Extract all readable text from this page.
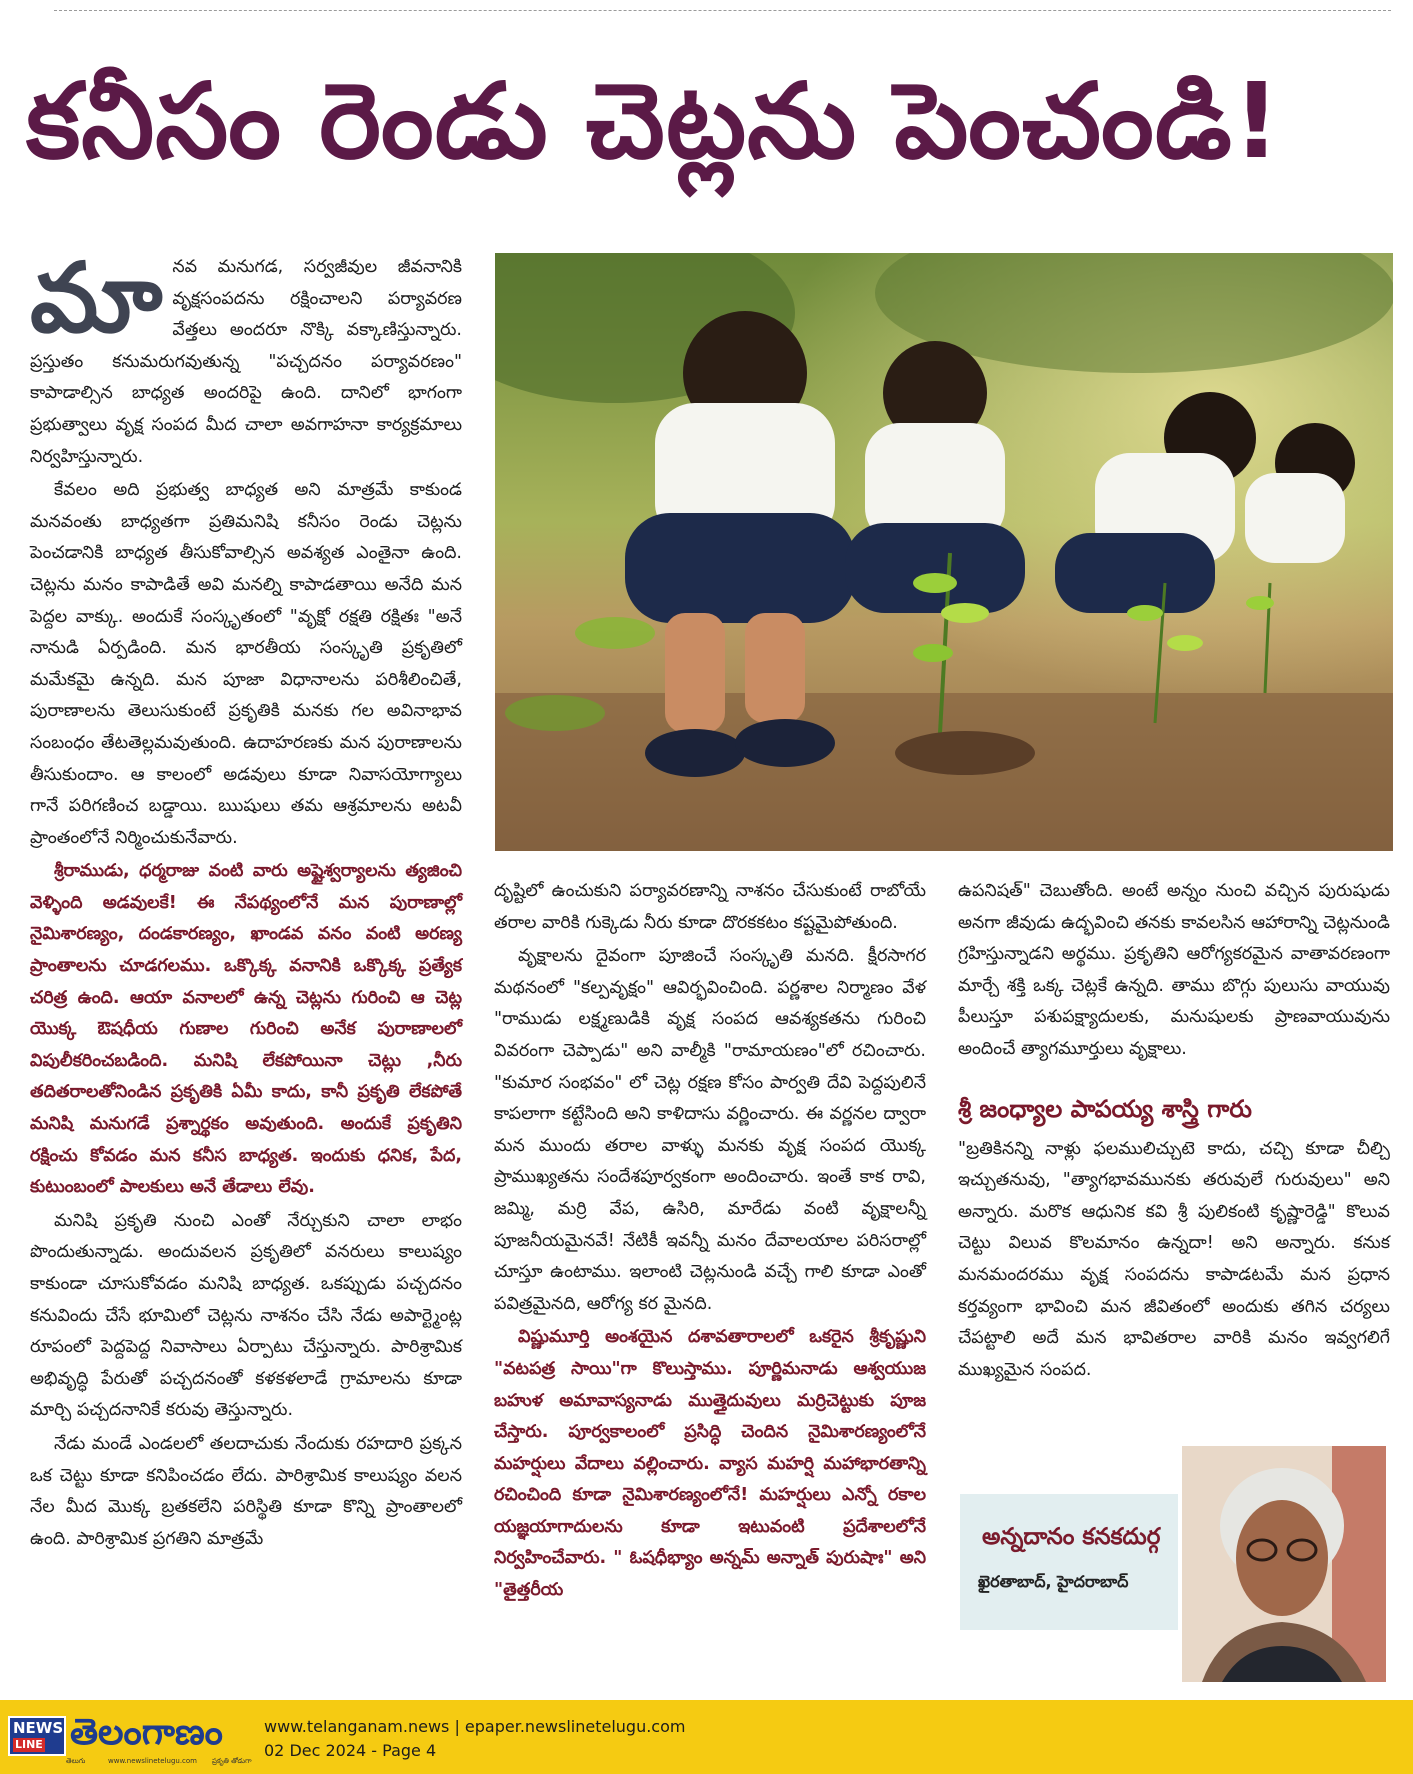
కనీసం రెండు చెట్లను పెంచండి!

మానవ మనుగడ, సర్వజీవుల జీవనానికి వృక్షసంపదను రక్షించాలని పర్యావరణ వేత్తలు అందరూ నొక్కి వక్కాణిస్తున్నారు. ప్రస్తుతం కనుమరుగవుతున్న "పచ్చదనం పర్యావరణం" కాపాడాల్సిన బాధ్యత అందరిపై ఉంది. దానిలో భాగంగా ప్రభుత్వాలు వృక్ష సంపద మీద చాలా అవగాహనా కార్యక్రమాలు నిర్వహిస్తున్నారు.

కేవలం అది ప్రభుత్వ బాధ్యత అని మాత్రమే కాకుండ మనవంతు బాధ్యతగా ప్రతిమనిషి కనీసం రెండు చెట్లను పెంచడానికి బాధ్యత తీసుకోవాల్సిన అవశ్యత ఎంతైనా ఉంది. చెట్లను మనం కాపాడితే అవి మనల్ని కాపాడతాయి అనేది మన పెద్దల వాక్కు. అందుకే సంస్కృతంలో "వృక్షో రక్షతి రక్షితః "అనే నానుడి ఏర్పడింది. మన భారతీయ సంస్కృతి ప్రకృతిలో మమేకమై ఉన్నది. మన పూజా విధానాలను పరిశీలించితే, పురాణాలను తెలుసుకుంటే ప్రకృతికి మనకు గల అవినాభావ సంబంధం తేటతెల్లమవుతుంది. ఉదాహరణకు మన పురాణాలను తీసుకుందాం. ఆ కాలంలో అడవులు కూడా నివాసయోగ్యాలు గానే పరిగణించ బడ్డాయి. ఋషులు తమ ఆశ్రమాలను అటవీ ప్రాంతంలోనే నిర్మించుకునేవారు.

శ్రీరాముడు, ధర్మరాజు వంటి వారు అష్టైశ్వర్యాలను త్యజించి వెళ్ళింది అడవులకే! ఈ నేపథ్యంలోనే మన పురాణాల్లో నైమిశారణ్యం, దండకారణ్యం, ఖాండవ వనం వంటి అరణ్య ప్రాంతాలను చూడగలము. ఒక్కొక్క వనానికి ఒక్కొక్క ప్రత్యేక చరిత్ర ఉంది. ఆయా వనాలలో ఉన్న చెట్లను గురించి ఆ చెట్ల యొక్క ఔషధీయ గుణాల గురించి అనేక పురాణాలలో విపులీకరించబడింది. మనిషి లేకపోయినా చెట్లు ,నీరు తదితరాలతోనిండిన ప్రకృతికి ఏమీ కాదు, కానీ ప్రకృతి లేకపోతే మనిషి మనుగడే ప్రశ్నార్థకం అవుతుంది. అందుకే ప్రకృతిని రక్షించు కోవడం మన కనీస బాధ్యత. ఇందుకు ధనిక, పేద, కుటుంబంలో పాలకులు అనే తేడాలు లేవు.

మనిషి ప్రకృతి నుంచి ఎంతో నేర్చుకుని చాలా లాభం పొందుతున్నాడు. అందువలన ప్రకృతిలో వనరులు కాలుష్యం కాకుండా చూసుకోవడం మనిషి బాధ్యత. ఒకప్పుడు పచ్చదనం కనువిందు చేసే భూమిలో చెట్లను నాశనం చేసి నేడు అపార్ట్మెంట్ల రూపంలో పెద్దపెద్ద నివాసాలు ఏర్పాటు చేస్తున్నారు. పారిశ్రామిక అభివృద్ధి పేరుతో పచ్చదనంతో కళకళలాడే గ్రామాలను కూడా మార్చి పచ్చదనానికే కరువు తెస్తున్నారు.

నేడు మండే ఎండలలో తలదాచుకు నేందుకు రహదారి ప్రక్కన ఒక చెట్టు కూడా కనిపించడం లేదు. పారిశ్రామిక కాలుష్యం వలన నేల మీద మొక్క బ్రతకలేని పరిస్థితి కూడా కొన్ని ప్రాంతాలలో ఉంది. పారిశ్రామిక ప్రగతిని మాత్రమే

దృష్టిలో ఉంచుకుని పర్యావరణాన్ని నాశనం చేసుకుంటే రాబోయే తరాల వారికి గుక్కెడు నీరు కూడా దొరకకటం కష్టమైపోతుంది.

వృక్షాలను దైవంగా పూజించే సంస్కృతి మనది. క్షీరసాగర మథనంలో "కల్పవృక్షం" ఆవిర్భవించింది. పర్ణశాల నిర్మాణం వేళ "రాముడు లక్ష్మణుడికి వృక్ష సంపద ఆవశ్యకతను గురించి వివరంగా చెప్పాడు" అని వాల్మీకి "రామాయణం"లో రచించారు. "కుమార సంభవం" లో చెట్ల రక్షణ కోసం పార్వతి దేవి పెద్దపులినే కాపలాగా కట్టేసింది అని కాళిదాసు వర్ణించారు. ఈ వర్ణనల ద్వారా మన ముందు తరాల వాళ్ళు మనకు వృక్ష సంపద యొక్క ప్రాముఖ్యతను సందేశపూర్వకంగా అందించారు. ఇంతే కాక రావి, జమ్మి, మర్రి వేప, ఉసిరి, మారేడు వంటి వృక్షాలన్నీ పూజనీయమైనవే! నేటికీ ఇవన్నీ మనం దేవాలయాల పరిసరాల్లో చూస్తూ ఉంటాము. ఇలాంటి చెట్లనుండి వచ్చే గాలి కూడా ఎంతో పవిత్రమైనది, ఆరోగ్య కర మైనది.

విష్ణుమూర్తి అంశయైన దశావతారాలలో ఒకరైన శ్రీకృష్ణుని "వటపత్ర సాయి"గా కొలుస్తాము. పూర్ణిమనాడు ఆశ్వయుజ బహుళ అమావాస్యనాడు ముత్తైదువులు మర్రిచెట్టుకు పూజ చేస్తారు. పూర్వకాలంలో ప్రసిద్ధి చెందిన నైమిశారణ్యంలోనే మహర్షులు వేదాలు వల్లించారు. వ్యాస మహర్షి మహాభారతాన్ని రచించింది కూడా నైమిశారణ్యంలోనే! మహర్షులు ఎన్నో రకాల యజ్ఞయాగాదులను కూడా ఇటువంటి ప్రదేశాలలోనే నిర్వహించేవారు. " ఓషధీభ్యాం అన్నమ్ అన్నాత్ పురుషాః" అని "తైత్తరీయ

ఉపనిషత్" చెబుతోంది. అంటే అన్నం నుంచి వచ్చిన పురుషుడు అనగా జీవుడు ఉద్భవించి తనకు కావలసిన ఆహారాన్ని చెట్లనుండి గ్రహిస్తున్నాడని అర్థము. ప్రకృతిని ఆరోగ్యకరమైన వాతావరణంగా మార్చే శక్తి ఒక్క చెట్లకే ఉన్నది. తాము బొగ్గు పులుసు వాయువు పీలుస్తూ పశుపక్ష్యాదులకు, మనుషులకు ప్రాణవాయువును అందించే త్యాగమూర్తులు వృక్షాలు.

శ్రీ జంధ్యాల పాపయ్య శాస్త్రి గారు

"బ్రతికినన్ని నాళ్లు ఫలములిచ్చుటె కాదు, చచ్చి కూడా చీల్చి ఇచ్చుతనువు, "త్యాగభావమునకు తరువులే గురువులు" అని అన్నారు. మరొక ఆధునిక కవి శ్రీ పులికంటి కృష్ణారెడ్డి" కొలువ చెట్టు విలువ కొలమానం ఉన్నదా! అని అన్నారు. కనుక మనమందరము వృక్ష సంపదను కాపాడటమే మన ప్రధాన కర్తవ్యంగా భావించి మన జీవితంలో అందుకు తగిన చర్యలు చేపట్టాలి అదే మన భావితరాల వారికి మనం ఇవ్వగలిగే ముఖ్యమైన సంపద.

అన్నదానం కనకదుర్గ
ఖైరతాబాద్, హైదరాబాద్
NEWS
LINE తెలంగాణం
తెలుగు	www.newslinetelugu.com ప్రకృతి తోడుగా
www.telanganam.news | epaper.newslinetelugu.com
02 Dec 2024 - Page 4
